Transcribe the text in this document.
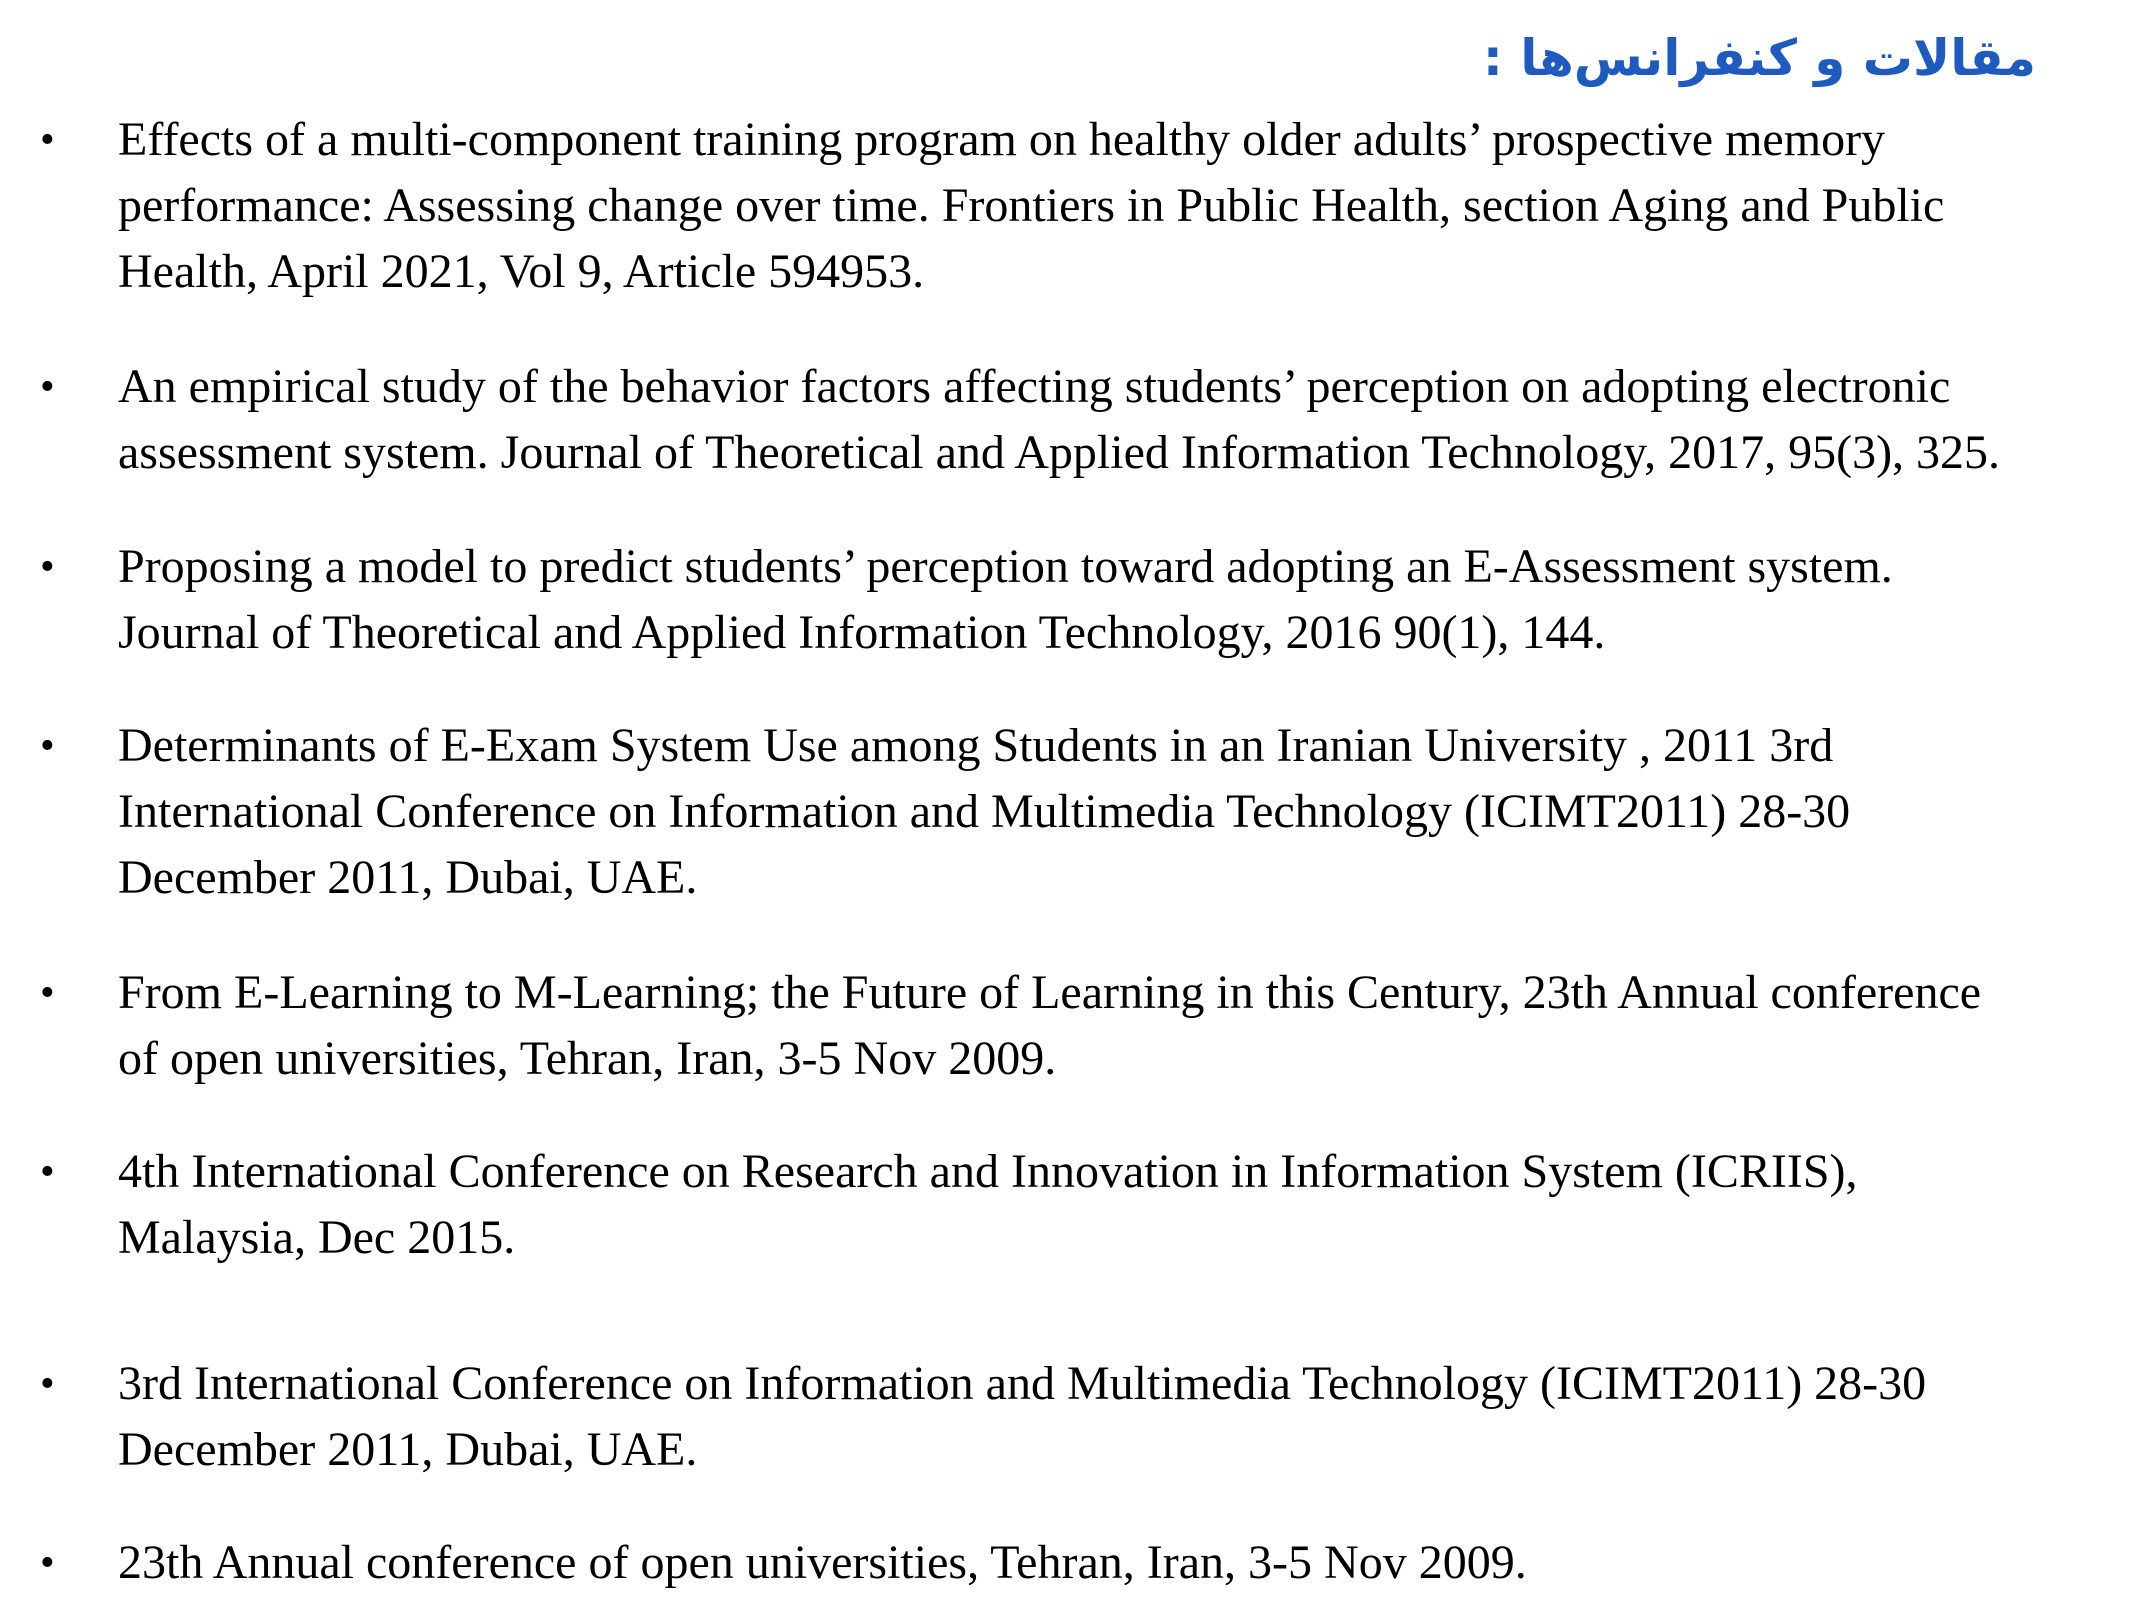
مقالات و کنفرانس‌ها :
• Effects of a multi-component training program on healthy older adults’ prospective memory
performance: Assessing change over time. Frontiers in Public Health, section Aging and Public
Health, April 2021, Vol 9, Article 594953.
• An empirical study of the behavior factors affecting students’ perception on adopting electronic
assessment system. Journal of Theoretical and Applied Information Technology, 2017, 95(3), 325.
• Proposing a model to predict students’ perception toward adopting an E-Assessment system.
Journal of Theoretical and Applied Information Technology, 2016 90(1), 144.
• Determinants of E-Exam System Use among Students in an Iranian University , 2011 3rd
International Conference on Information and Multimedia Technology (ICIMT2011) 28-30
December 2011, Dubai, UAE.
• From E-Learning to M-Learning; the Future of Learning in this Century, 23th Annual conference
of open universities, Tehran, Iran, 3-5 Nov 2009.
• 4th International Conference on Research and Innovation in Information System (ICRIIS),
Malaysia, Dec 2015.
• 3rd International Conference on Information and Multimedia Technology (ICIMT2011) 28-30
December 2011, Dubai, UAE.
• 23th Annual conference of open universities, Tehran, Iran, 3-5 Nov 2009.
